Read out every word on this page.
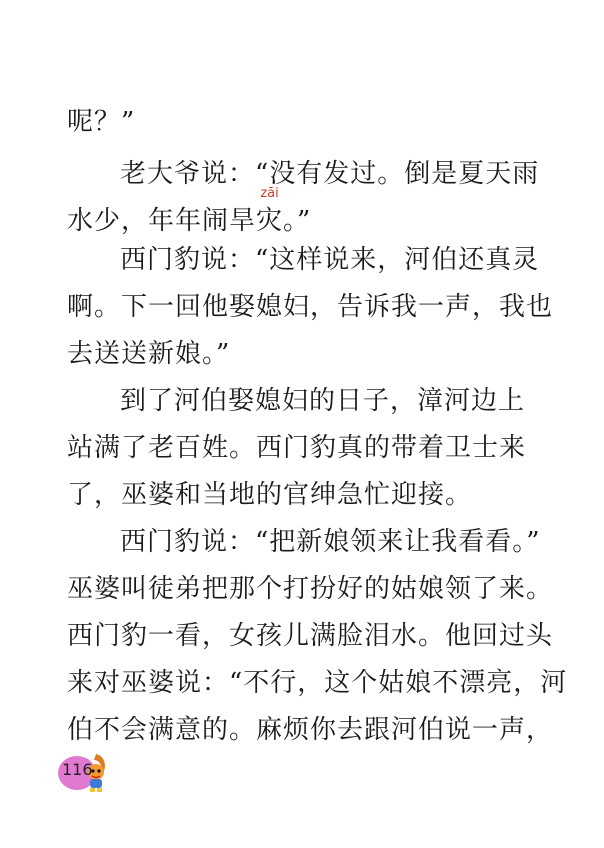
呢？”
老大爷说：“没有发过。倒是夏天雨
水少，年年闹旱
zāi
灾。”
西门豹说：“这样说来，河伯还真灵
啊。下一回他娶媳妇，告诉我一声，我也
去送送新娘。”
到了河伯娶媳妇的日子，漳河边上
站满了老百姓。西门豹真的带着卫士来
了，巫婆和当地的官绅急忙迎接。
西门豹说：“把新娘领来让我看看。”
巫婆叫徒弟把那个打扮好的姑娘领了来。
西门豹一看，女孩儿满脸泪水。他回过头
来对巫婆说：“不行，这个姑娘不漂亮，河
伯不会满意的。麻烦你去跟河伯说一声，
116
